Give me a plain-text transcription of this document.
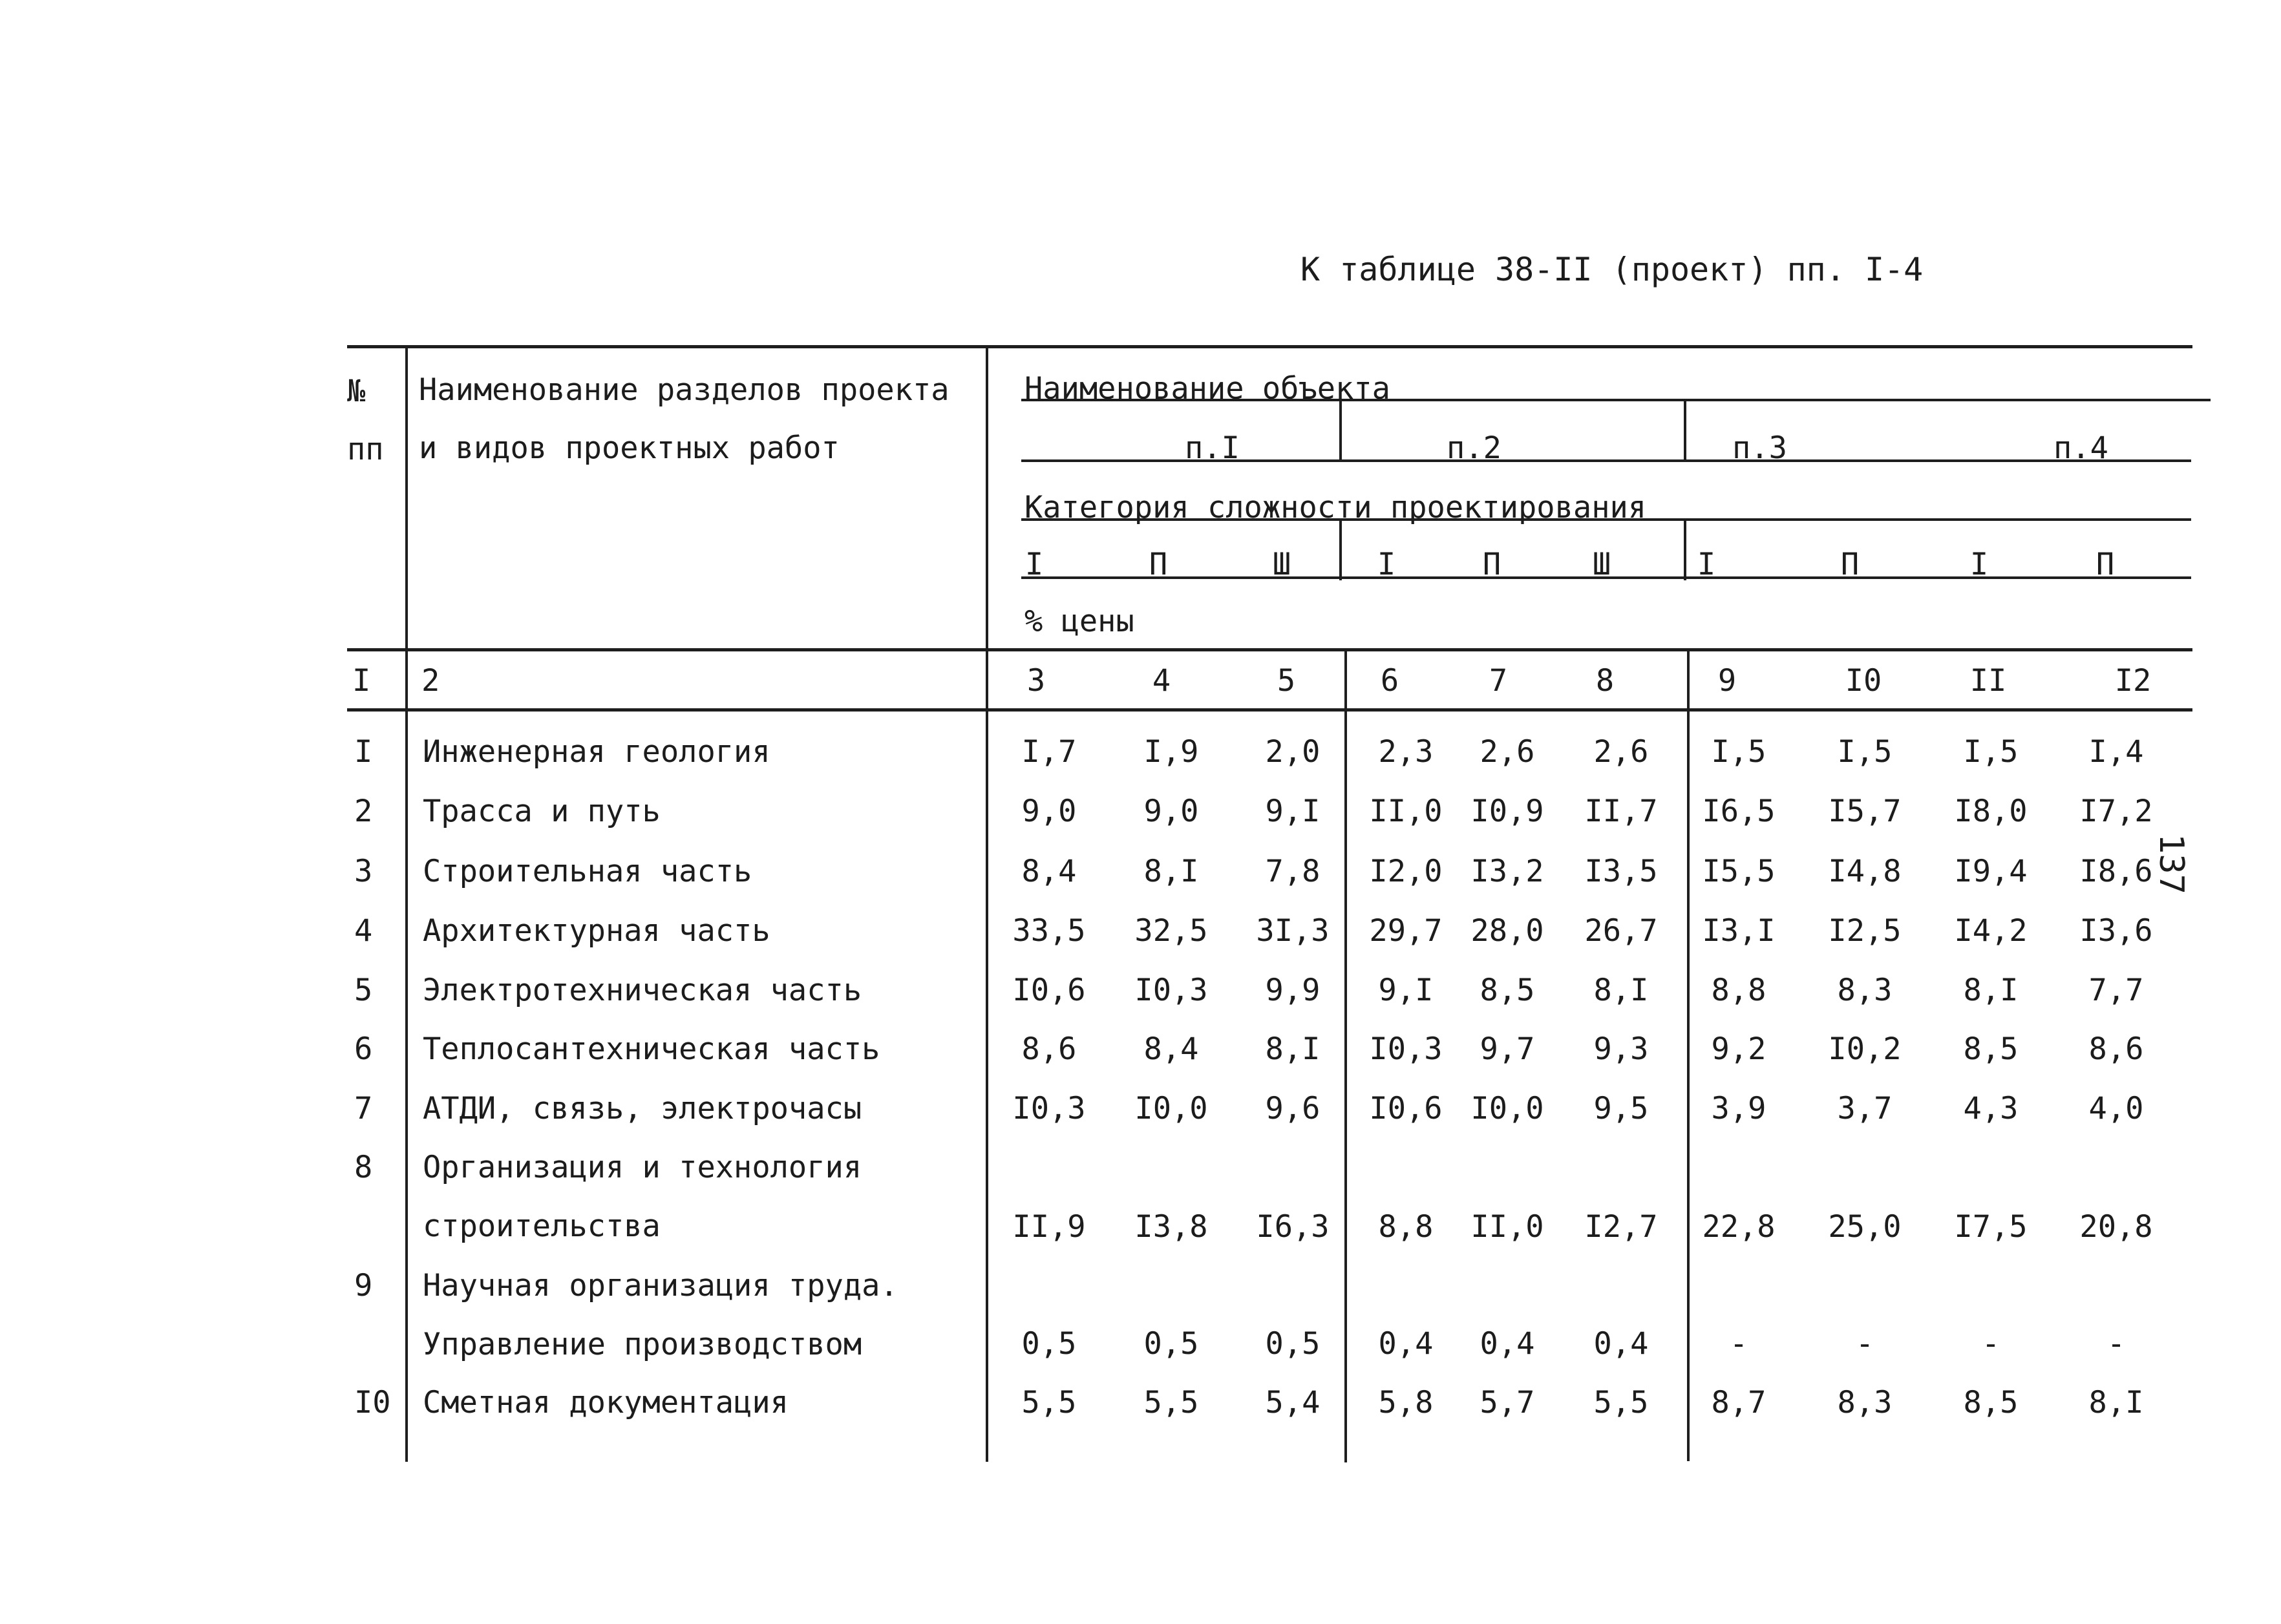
К таблице 38-II (проект) пп. I-4
137
№
пп
Наименование разделов проекта
и видов проектных работ
Наименование объекта
п.I	п.2	п.3	п.4
Категория сложности проектирования
I	П	Ш	I	П	Ш	I	П	I	П
% цены
I 2	3	4	5	6	7	8	9	I0	II	I2
I Инженерная геология	I,7 I,9 2,0 2,3 2,6 2,6 I,5 I,5 I,5 I,4
2 Трасса и путь	9,0 9,0 9,I II,0 I0,9 II,7 I6,5 I5,7 I8,0 I7,2
3 Строительная часть	8,4 8,I 7,8 I2,0 I3,2 I3,5 I5,5 I4,8 I9,4 I8,6
4 Архитектурная часть	33,5 32,5 3I,3 29,7 28,0 26,7 I3,I I2,5 I4,2 I3,6
5 Электротехническая часть	I0,6 I0,3 9,9 9,I 8,5 8,I 8,8 8,3 8,I 7,7
6 Теплосантехническая часть	8,6 8,4 8,I I0,3 9,7 9,3 9,2 I0,2 8,5 8,6
7 АТДИ, связь, электрочасы	I0,3 I0,0 9,6 I0,6 I0,0 9,5 3,9 3,7 4,3 4,0
8 Организация и технология
строительства	II,9 I3,8 I6,3 8,8 II,0 I2,7 22,8 25,0 I7,5 20,8
9 Научная организация труда.
Управление производством	0,5 0,5 0,5 0,4 0,4 0,4	-	-	-	-
I0 Сметная документация	5,5 5,5 5,4 5,8 5,7 5,5 8,7 8,3 8,5 8,I
